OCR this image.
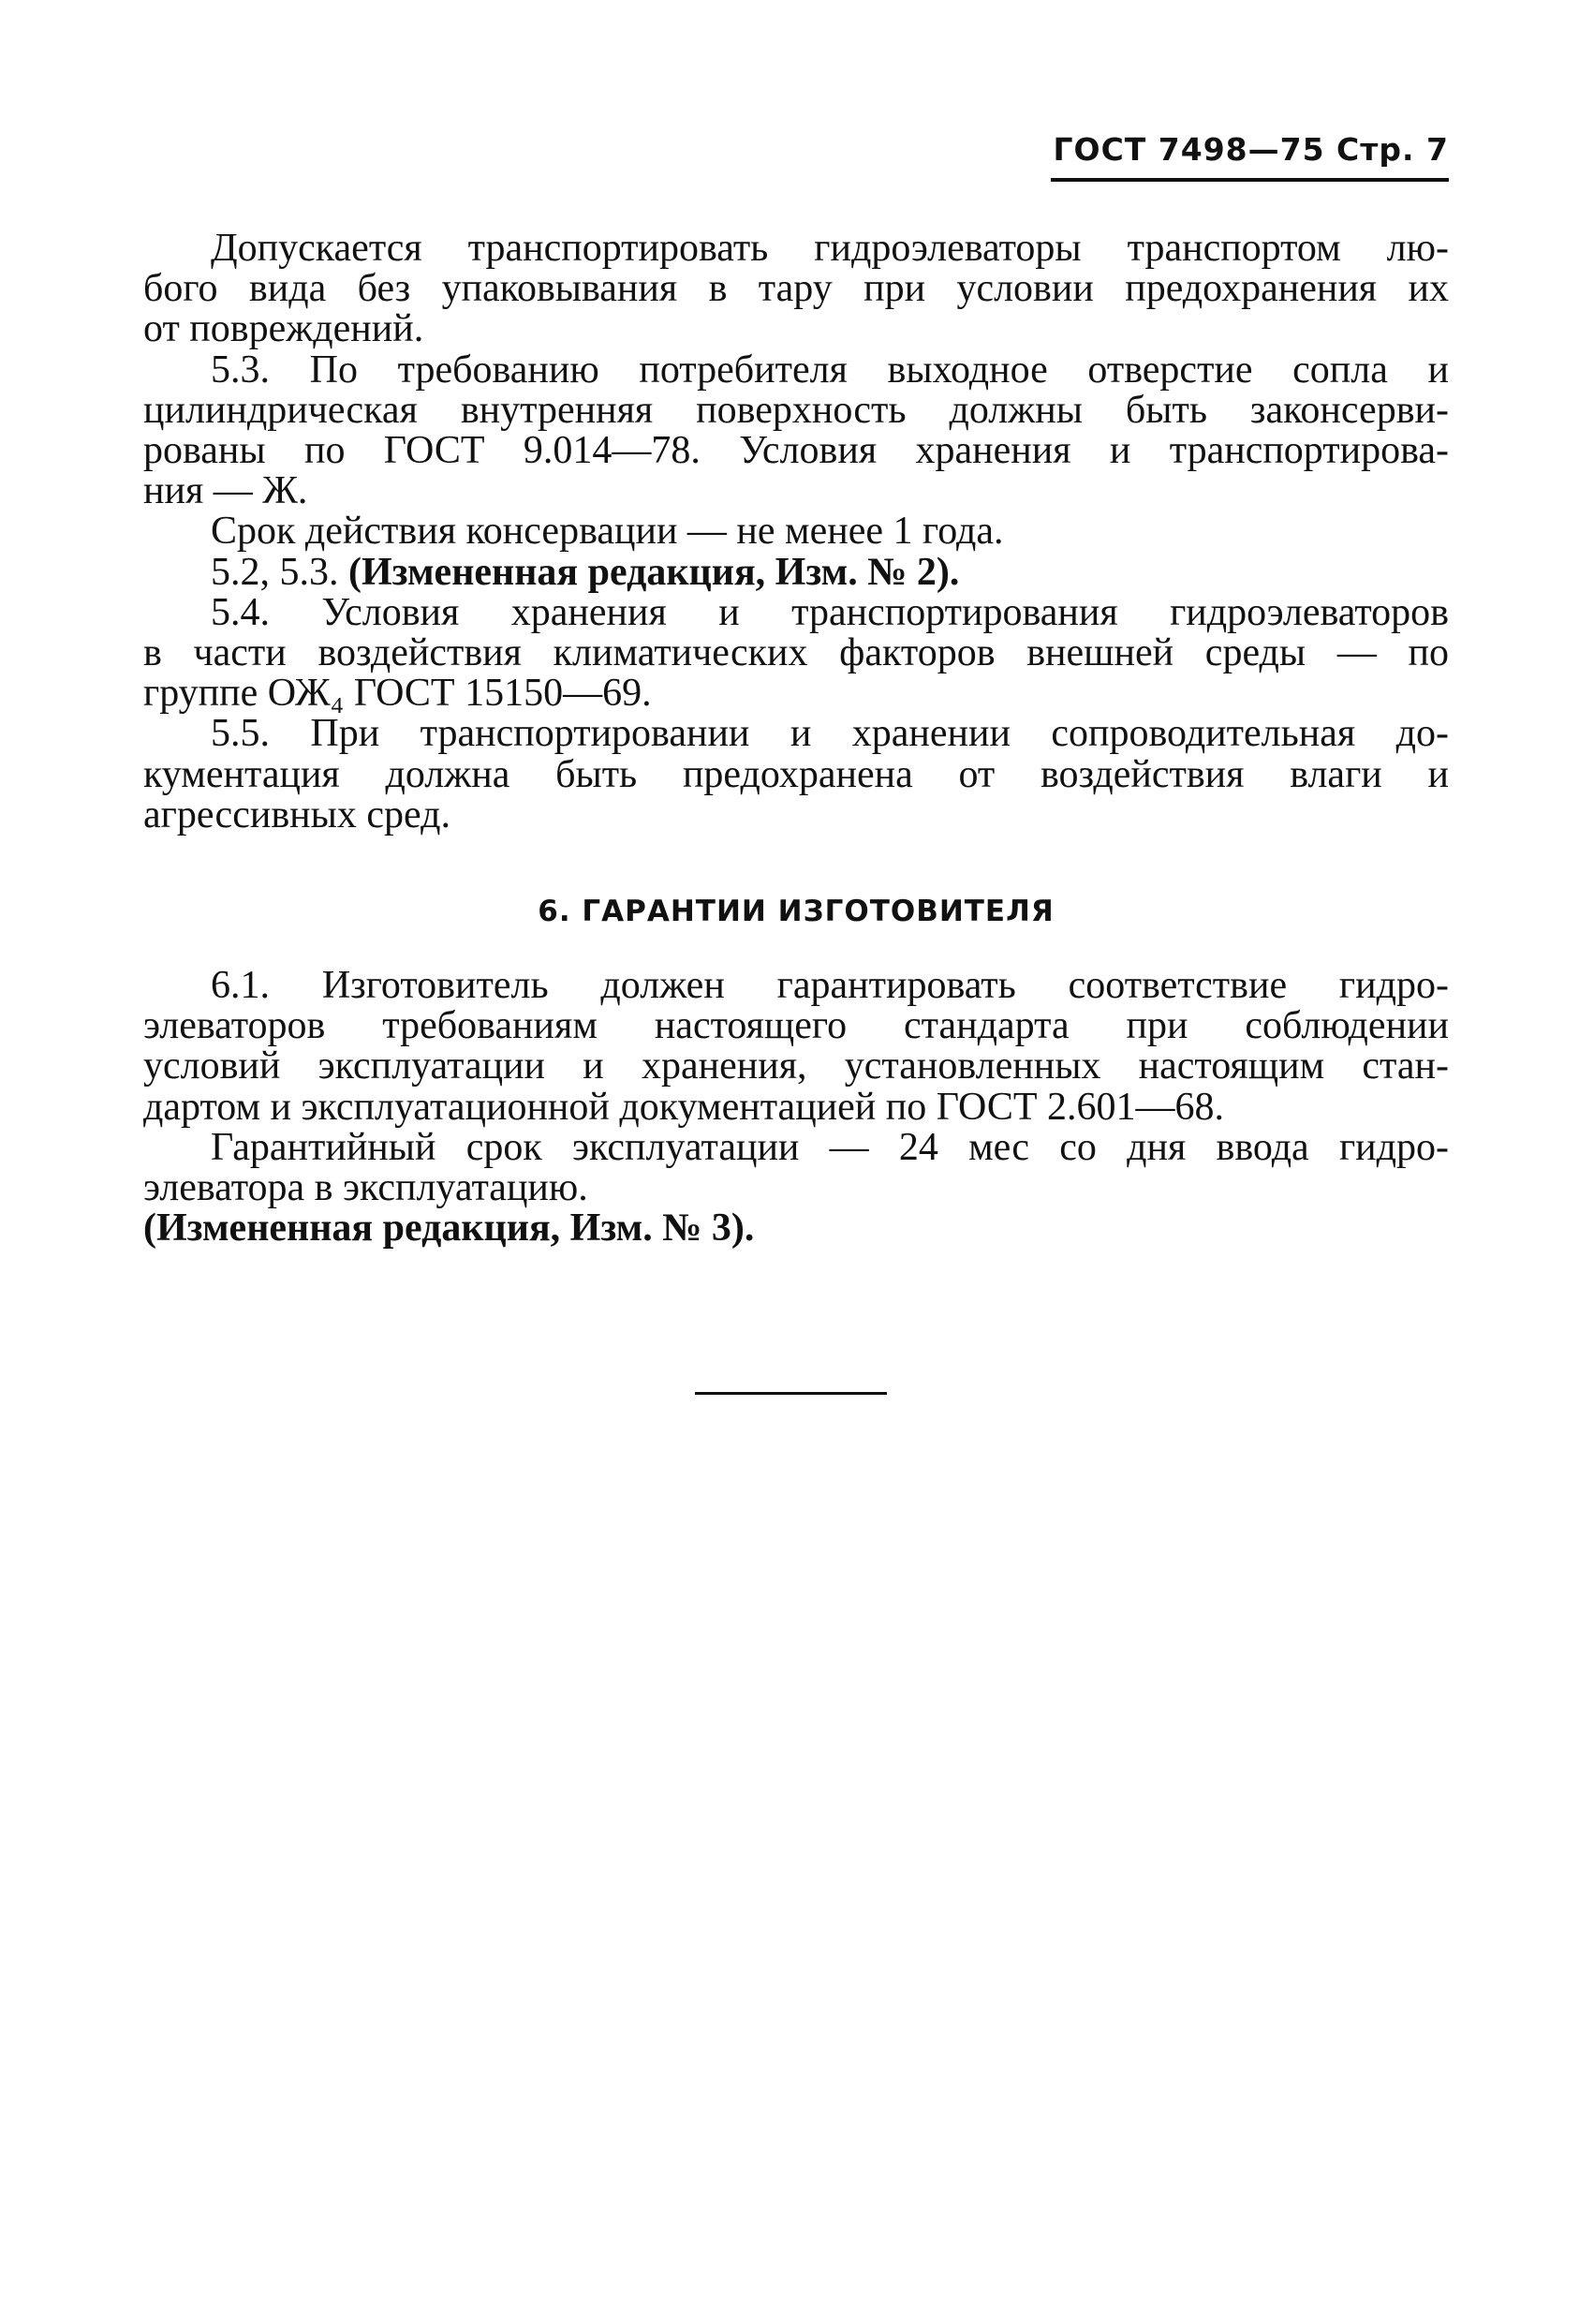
ГОСТ 7498—75 Стр. 7
Допускается транспортировать гидроэлеваторы транспортом лю-
бого вида без упаковывания в тару при условии предохранения их
от повреждений.
5.3. По требованию потребителя выходное отверстие сопла и
цилиндрическая внутренняя поверхность должны быть законсерви-
рованы по ГОСТ 9.014—78. Условия хранения и транспортирова-
ния — Ж.
Срок действия консервации — не менее 1 года.
5.2, 5.3. (Измененная редакция, Изм. № 2).
5.4. Условия хранения и транспортирования гидроэлеваторов
в части воздействия климатических факторов внешней среды — по
группе ОЖ₄ ГОСТ 15150—69.
5.5. При транспортировании и хранении сопроводительная до-
кументация должна быть предохранена от воздействия влаги и
агрессивных сред.
6. ГАРАНТИИ ИЗГОТОВИТЕЛЯ
6.1. Изготовитель должен гарантировать соответствие гидро-
элеваторов требованиям настоящего стандарта при соблюдении
условий эксплуатации и хранения, установленных настоящим стан-
дартом и эксплуатационной документацией по ГОСТ 2.601—68.
Гарантийный срок эксплуатации — 24 мес со дня ввода гидро-
элеватора в эксплуатацию.
(Измененная редакция, Изм. № 3).
